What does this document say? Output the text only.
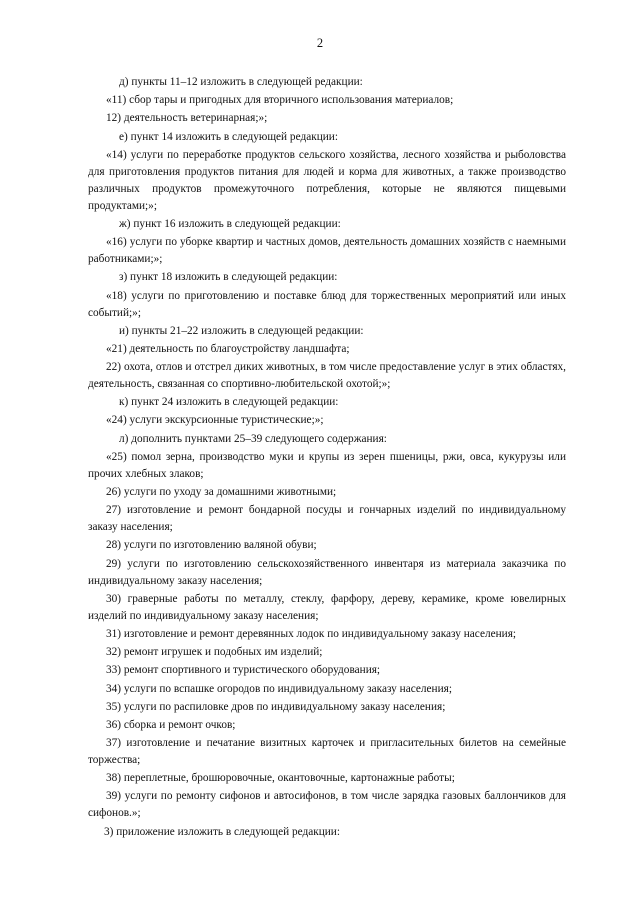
2

д) пункты 11–12 изложить в следующей редакции:

«11) сбор тары и пригодных для вторичного использования материалов;

12) деятельность ветеринарная;»;

е) пункт 14 изложить в следующей редакции:

«14) услуги по переработке продуктов сельского хозяйства, лесного хозяйства и рыболовства для приготовления продуктов питания для людей и корма для животных, а также производство различных продуктов промежуточного потребления, которые не являются пищевыми продуктами;»;

ж) пункт 16 изложить в следующей редакции:

«16) услуги по уборке квартир и частных домов, деятельность домашних хозяйств с наемными работниками;»;

з) пункт 18 изложить в следующей редакции:

«18) услуги по приготовлению и поставке блюд для торжественных мероприятий или иных событий;»;

и) пункты 21–22 изложить в следующей редакции:

«21) деятельность по благоустройству ландшафта;

22) охота, отлов и отстрел диких животных, в том числе предоставление услуг в этих областях, деятельность, связанная со спортивно-любительской охотой;»;

к) пункт 24 изложить в следующей редакции:

«24) услуги экскурсионные туристические;»;

л) дополнить пунктами 25–39 следующего содержания:

«25) помол зерна, производство муки и крупы из зерен пшеницы, ржи, овса, кукурузы или прочих хлебных злаков;

26) услуги по уходу за домашними животными;

27) изготовление и ремонт бондарной посуды и гончарных изделий по индивидуальному заказу населения;

28) услуги по изготовлению валяной обуви;

29) услуги по изготовлению сельскохозяйственного инвентаря из материала заказчика по индивидуальному заказу населения;

30) граверные работы по металлу, стеклу, фарфору, дереву, керамике, кроме ювелирных изделий по индивидуальному заказу населения;

31) изготовление и ремонт деревянных лодок по индивидуальному заказу населения;

32) ремонт игрушек и подобных им изделий;

33) ремонт спортивного и туристического оборудования;

34) услуги по вспашке огородов по индивидуальному заказу населения;

35) услуги по распиловке дров по индивидуальному заказу населения;

36) сборка и ремонт очков;

37) изготовление и печатание визитных карточек и пригласительных билетов на семейные торжества;

38) переплетные, брошюровочные, окантовочные, картонажные работы;

39) услуги по ремонту сифонов и автосифонов, в том числе зарядка газовых баллончиков для сифонов.»;

3) приложение изложить в следующей редакции:
